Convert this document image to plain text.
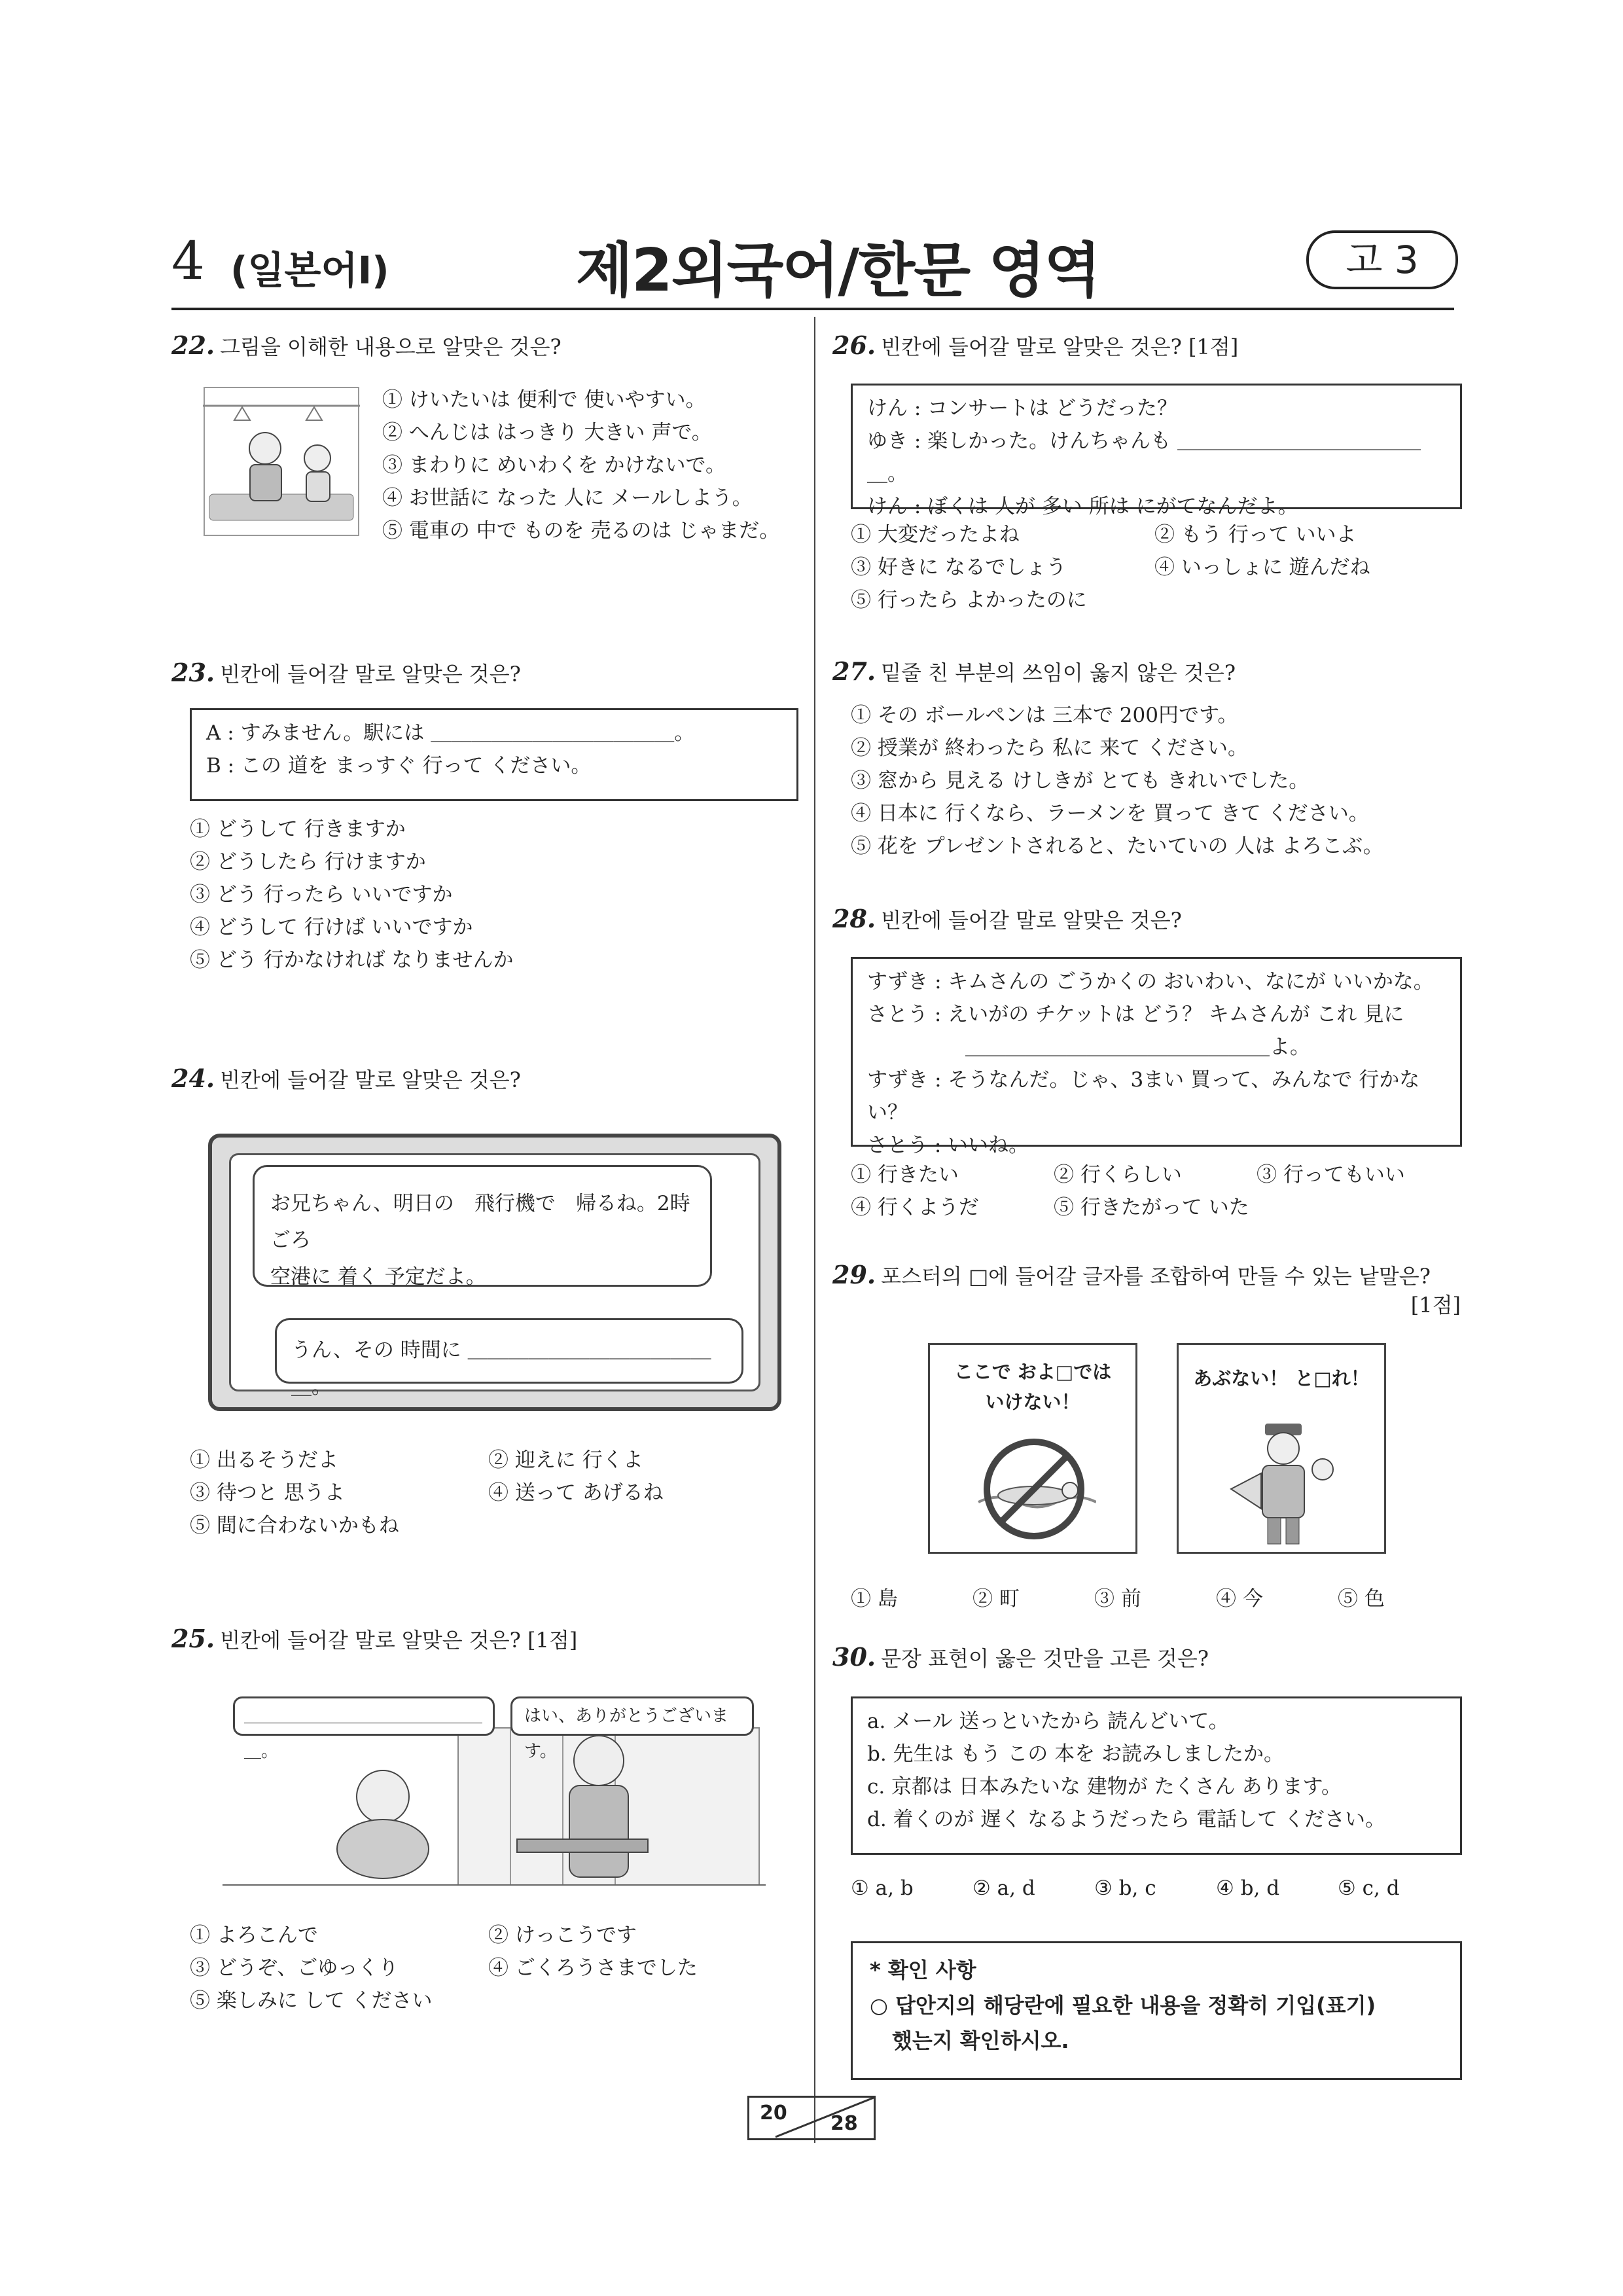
4 (일본어Ⅰ)	제2외국어/한문 영역	고 3
22. 그림을 이해한 내용으로 알맞은 것은?
① けいたいは 便利で 使いやすい。
② へんじは はっきり 大きい 声で。
③ まわりに めいわくを かけないで。
④ お世話に なった 人に メールしよう。
⑤ 電車の 中で ものを 売るのは じゃまだ。
23. 빈칸에 들어갈 말로 알맞은 것은?
A : すみません。駅には ＿＿＿＿＿＿＿＿＿＿＿＿。
B : この 道を まっすぐ 行って ください。
① どうして 行きますか
② どうしたら 行けますか
③ どう 行ったら いいですか
④ どうして 行けば いいですか
⑤ どう 行かなければ なりませんか
24. 빈칸에 들어갈 말로 알맞은 것은?
お兄ちゃん、明日の　飛行機で　帰るね。2時ごろ
空港に 着く 予定だよ。
うん、その 時間に ＿＿＿＿＿＿＿＿＿＿＿＿＿。
① 出るそうだよ	② 迎えに 行くよ
③ 待つと 思うよ	④ 送って あげるね
⑤ 間に合わないかもね
25. 빈칸에 들어갈 말로 알맞은 것은? [1점]
＿＿＿＿＿＿＿＿＿＿＿＿＿＿＿。
はい、ありがとうございます。
① よろこんで	② けっこうです
③ どうぞ、ごゆっくり	④ ごくろうさまでした
⑤ 楽しみに して ください
26. 빈칸에 들어갈 말로 알맞은 것은? [1점]
けん : コンサートは どうだった？
ゆき : 楽しかった。けんちゃんも ＿＿＿＿＿＿＿＿＿＿＿＿＿。
けん : ぼくは 人が 多い 所は にがてなんだよ。
① 大変だったよね	② もう 行って いいよ
③ 好きに なるでしょう	④ いっしょに 遊んだね
⑤ 行ったら よかったのに
27. 밑줄 친 부분의 쓰임이 옳지 않은 것은?
① その ボールペンは 三本で 200円です。
② 授業が 終わったら 私に 来て ください。
③ 窓から 見える けしきが とても きれいでした。
④ 日本に 行くなら、ラーメンを 買って きて ください。
⑤ 花を プレゼントされると、たいていの 人は よろこぶ。
28. 빈칸에 들어갈 말로 알맞은 것은?
すずき : キムさんの ごうかくの おいわい、なにが いいかな。
さとう : えいがの チケットは どう？ キムさんが これ 見に
＿＿＿＿＿＿＿＿＿＿＿＿＿＿＿よ。
すずき : そうなんだ。じゃ、3まい 買って、みんなで 行かない？
さとう : いいね。
① 行きたい	② 行くらしい	③ 行ってもいい
④ 行くようだ	⑤ 行きたがって いた
29. 포스터의 □에 들어갈 글자를 조합하여 만들 수 있는 낱말은?
[1점]
ここで およ□では
いけない！
あぶない！ と□れ！
① 島	② 町	③ 前	④ 今	⑤ 色
30. 문장 표현이 옳은 것만을 고른 것은?
a. メール 送っといたから 読んどいて。
b. 先生は もう この 本を お読みしましたか。
c. 京都は 日本みたいな 建物が たくさん あります。
d. 着くのが 遅く なるようだったら 電話して ください。
① a, b	② a, d	③ b, c	④ b, d	⑤ c, d
* 확인 사항
○ 답안지의 해당란에 필요한 내용을 정확히 기입(표기)
했는지 확인하시오.
20 28
